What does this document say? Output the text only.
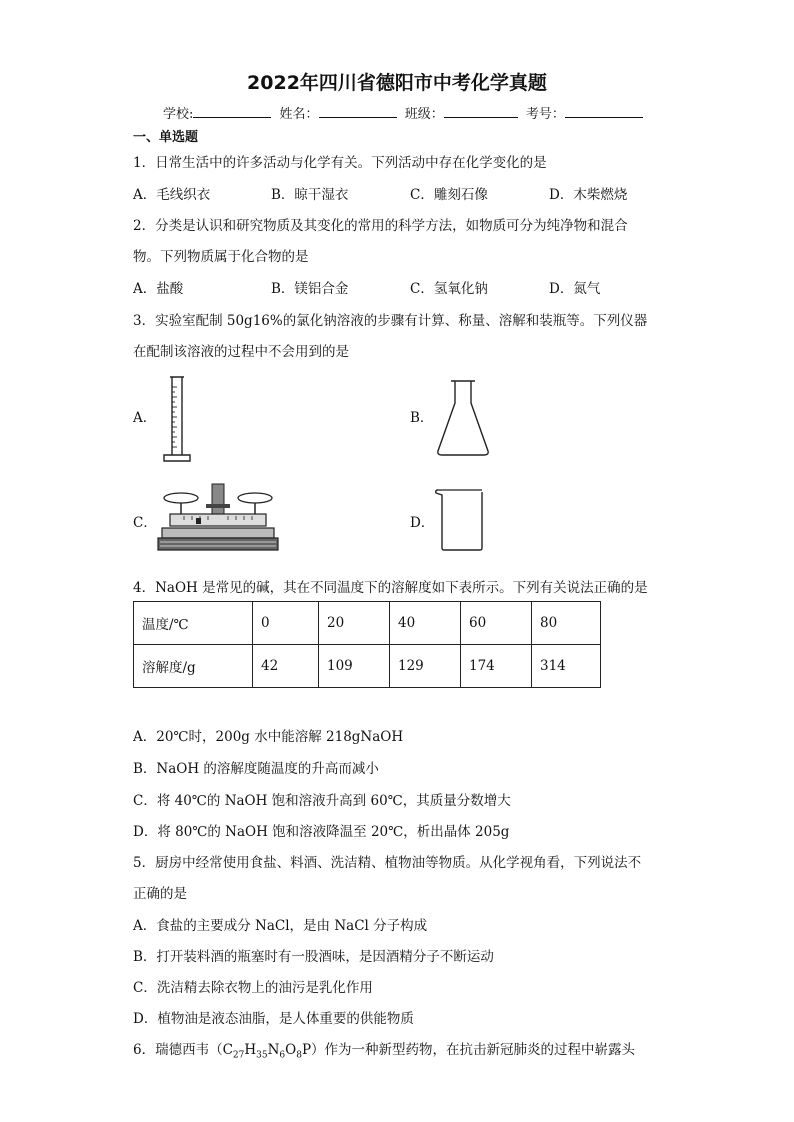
2022年四川省德阳市中考化学真题
学校:	姓名：	班级：	考号：
一、单选题
1．日常生活中的许多活动与化学有关。下列活动中存在化学变化的是
A．毛线织衣	B．晾干湿衣	C．雕刻石像	D．木柴燃烧
2．分类是认识和研究物质及其变化的常用的科学方法，如物质可分为纯净物和混合
物。下列物质属于化合物的是
A．盐酸	B．镁铝合金	C．氢氧化钠	D．氮气
3．实验室配制 50g16%的氯化钠溶液的步骤有计算、称量、溶解和装瓶等。下列仪器
在配制该溶液的过程中不会用到的是
A．	B．
C．	D．
4．NaOH 是常见的碱，其在不同温度下的溶解度如下表所示。下列有关说法正确的是
温度/℃	0	20	40	60	80
溶解度/g	42	109	129	174	314
A．20℃时，200g 水中能溶解 218gNaOH
B．NaOH 的溶解度随温度的升高而减小
C．将 40℃的 NaOH 饱和溶液升高到 60℃，其质量分数增大
D．将 80℃的 NaOH 饱和溶液降温至 20℃，析出晶体 205g
5．厨房中经常使用食盐、料酒、洗洁精、植物油等物质。从化学视角看，下列说法不
正确的是
A．食盐的主要成分 NaCl，是由 NaCl 分子构成
B．打开装料酒的瓶塞时有一股酒味，是因酒精分子不断运动
C．洗洁精去除衣物上的油污是乳化作用
D．植物油是液态油脂，是人体重要的供能物质
6．瑞德西韦$(C_{27}H_{35}N_6O_8P)$作为一种新型药物，在抗击新冠肺炎的过程中崭露头
